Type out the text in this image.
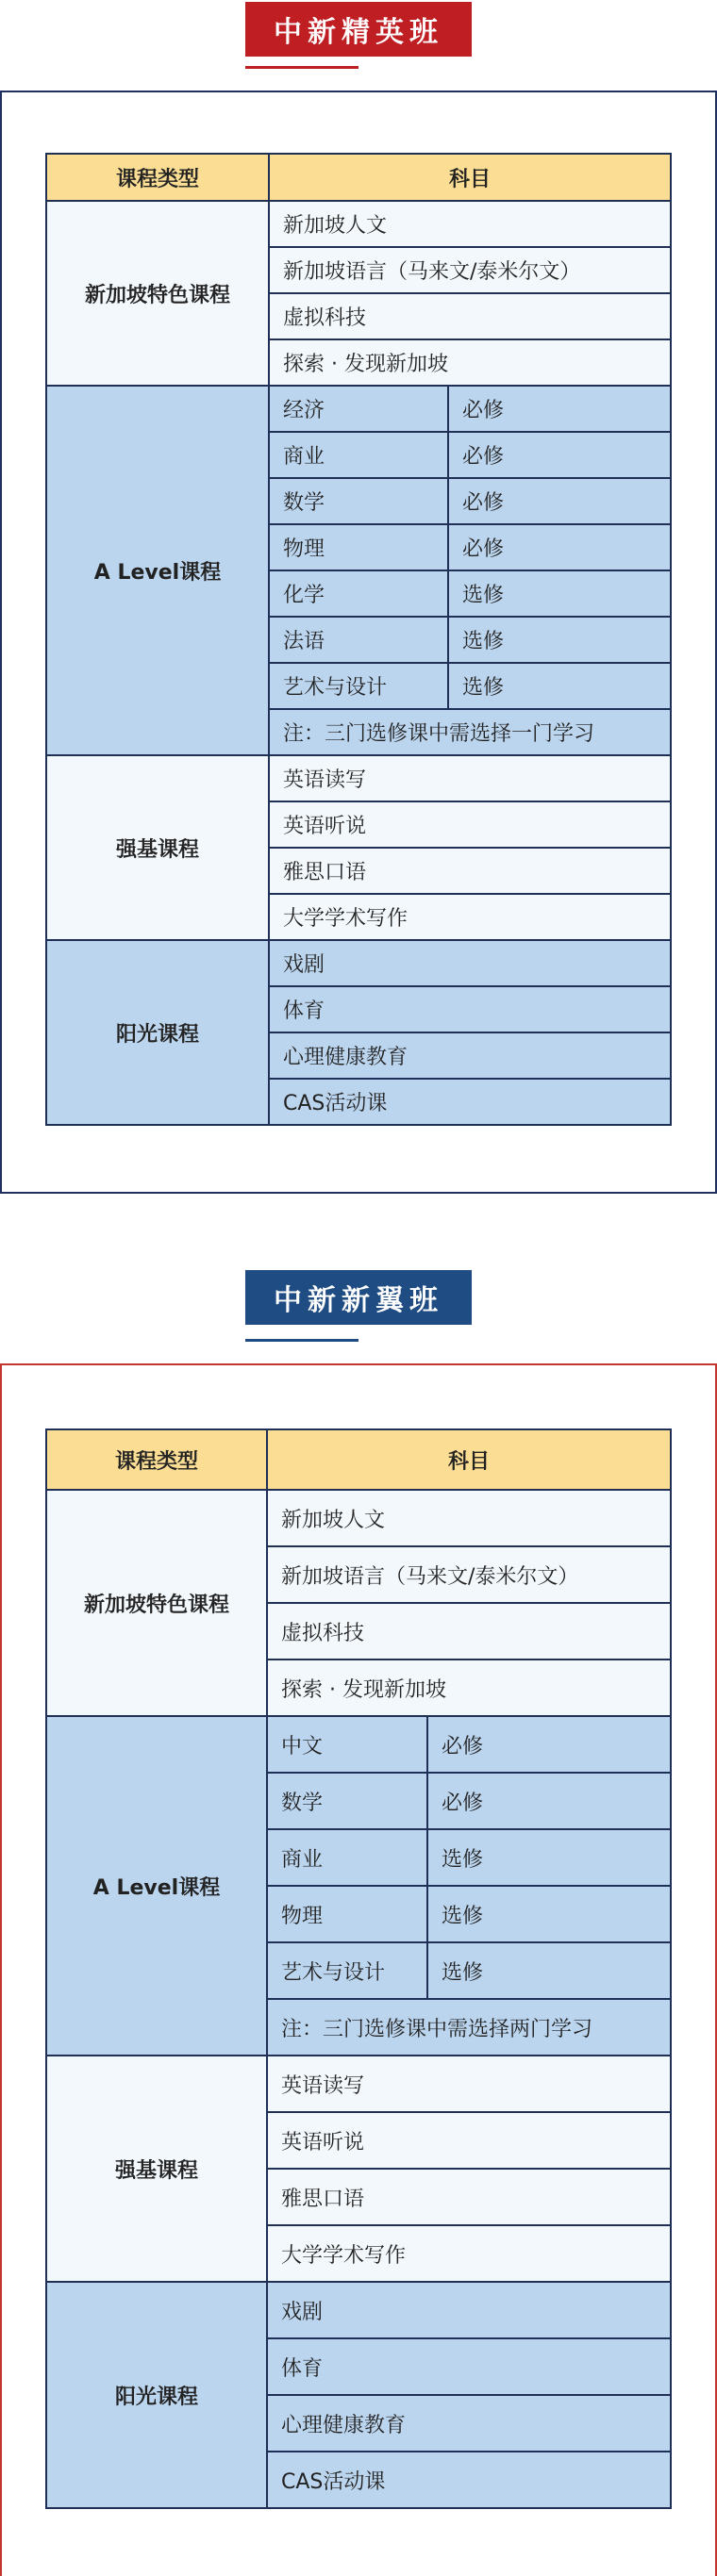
中新精英班
课程类型	科目	
新加坡特色课程	新加坡人文	
	新加坡语言（马来文/泰米尔文）	
	虚拟科技	
	探索 · 发现新加坡	
A Level课程	经济	必修
	商业	必修
	数学	必修
	物理	必修
	化学	选修
	法语	选修
	艺术与设计	选修
	注：三门选修课中需选择一门学习	
强基课程	英语读写	
	英语听说	
	雅思口语	
	大学学术写作	
阳光课程	戏剧	
	体育	
	心理健康教育	
	CAS活动课	
中新新翼班
课程类型	科目	
新加坡特色课程	新加坡人文	
	新加坡语言（马来文/泰米尔文）	
	虚拟科技	
	探索 · 发现新加坡	
A Level课程	中文	必修
	数学	必修
	商业	选修
	物理	选修
	艺术与设计	选修
	注：三门选修课中需选择两门学习	
强基课程	英语读写	
	英语听说	
	雅思口语	
	大学学术写作	
阳光课程	戏剧	
	体育	
	心理健康教育	
	CAS活动课	
